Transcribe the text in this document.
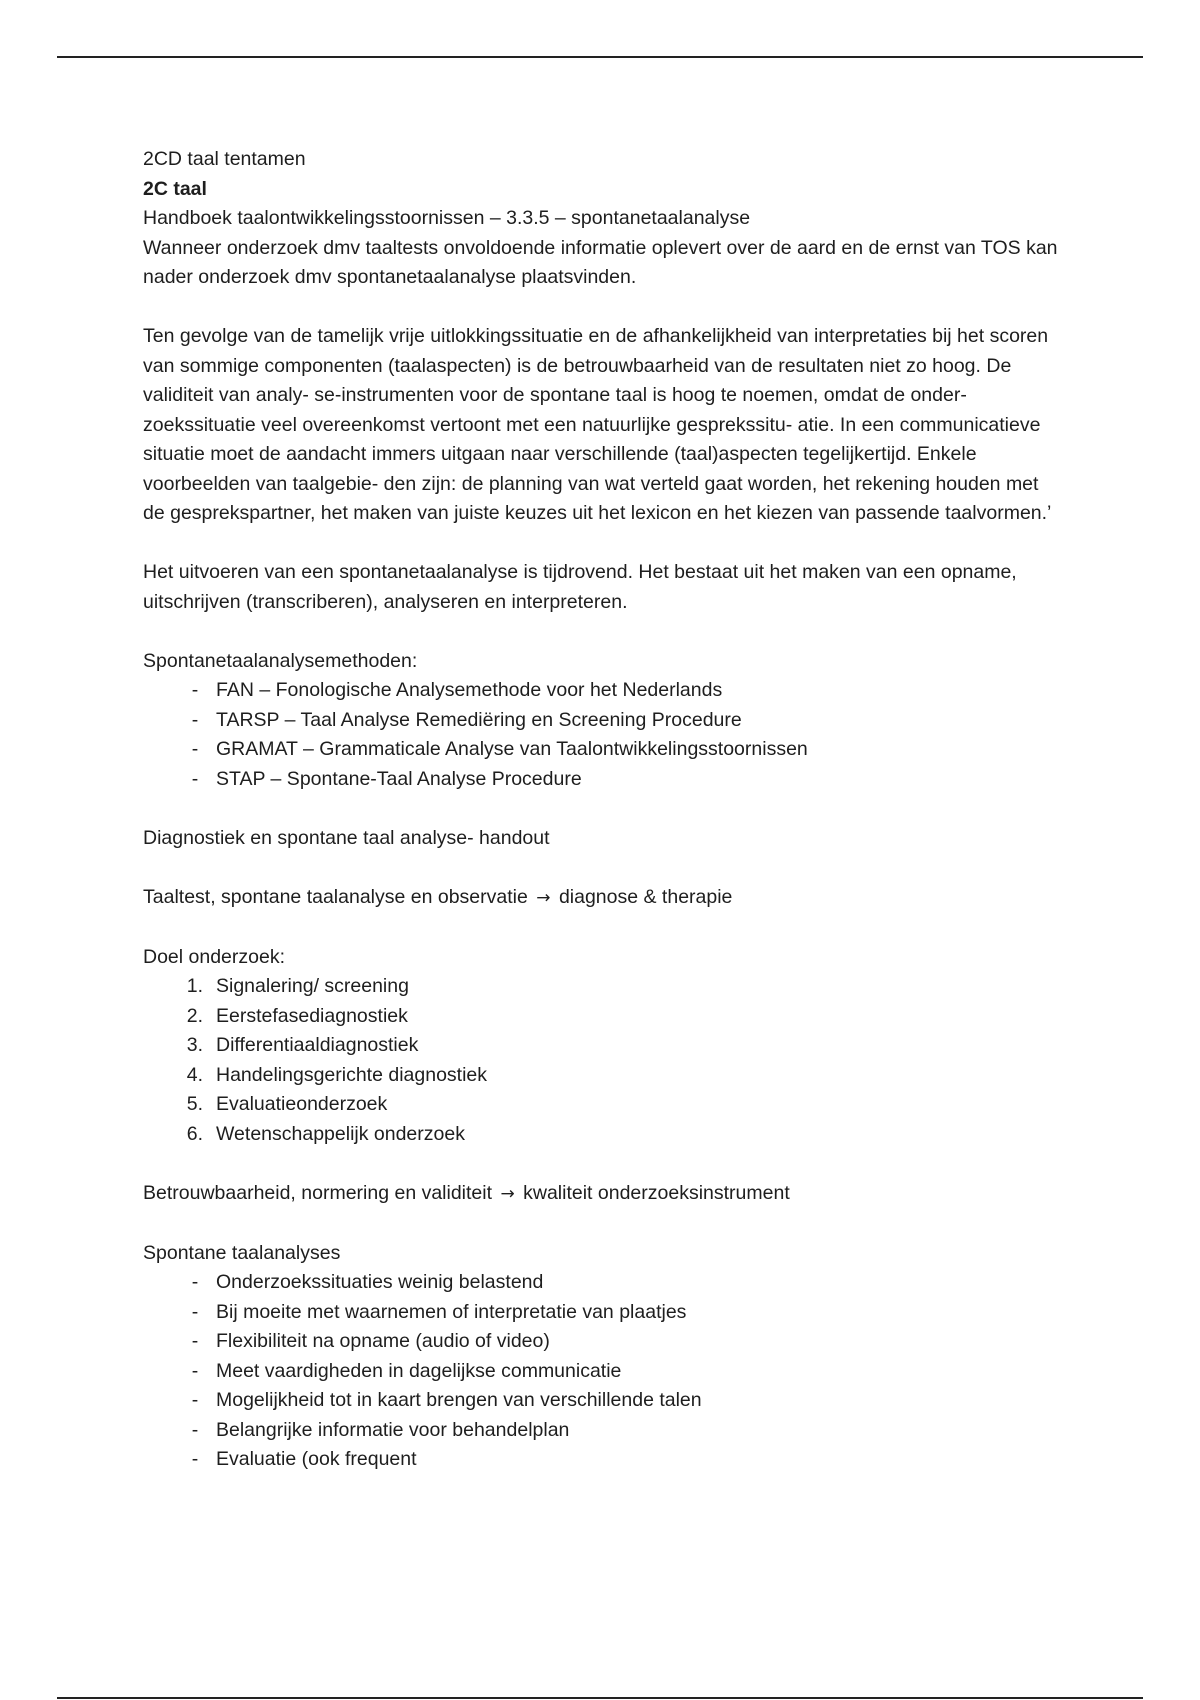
2CD taal tentamen
2C taal
Handboek taalontwikkelingsstoornissen – 3.3.5 – spontanetaalanalyse

Wanneer onderzoek dmv taaltests onvoldoende informatie oplevert over de aard en de ernst van TOS kan nader onderzoek dmv spontanetaalanalyse plaatsvinden.

Ten gevolge van de tamelijk vrije uitlokkingssituatie en de afhankelijkheid van interpretaties bij het scoren van sommige componenten (taalaspecten) is de betrouwbaarheid van de resultaten niet zo hoog. De validiteit van analy- se-instrumenten voor de spontane taal is hoog te noemen, omdat de onder- zoekssituatie veel overeenkomst vertoont met een natuurlijke gesprekssitu- atie. In een communicatieve situatie moet de aandacht immers uitgaan naar verschillende (taal)aspecten tegelijkertijd. Enkele voorbeelden van taalgebie- den zijn: de planning van wat verteld gaat worden, het rekening houden met de gesprekspartner, het maken van juiste keuzes uit het lexicon en het kiezen van passende taalvormen.’

Het uitvoeren van een spontanetaalanalyse is tijdrovend. Het bestaat uit het maken van een opname, uitschrijven (transcriberen), analyseren en interpreteren.

Spontanetaalanalysemethoden:
- FAN – Fonologische Analysemethode voor het Nederlands
- TARSP – Taal Analyse Remediëring en Screening Procedure
- GRAMAT – Grammaticale Analyse van Taalontwikkelingsstoornissen
- STAP – Spontane-Taal Analyse Procedure
Diagnostiek en spontane taal analyse- handout
Taaltest, spontane taalanalyse en observatie → diagnose & therapie
Doel onderzoek:
1. Signalering/ screening
2. Eerstefasediagnostiek
3. Differentiaaldiagnostiek
4. Handelingsgerichte diagnostiek
5. Evaluatieonderzoek
6. Wetenschappelijk onderzoek
Betrouwbaarheid, normering en validiteit → kwaliteit onderzoeksinstrument
Spontane taalanalyses
- Onderzoekssituaties weinig belastend
- Bij moeite met waarnemen of interpretatie van plaatjes
- Flexibiliteit na opname (audio of video)
- Meet vaardigheden in dagelijkse communicatie
- Mogelijkheid tot in kaart brengen van verschillende talen
- Belangrijke informatie voor behandelplan
- Evaluatie (ook frequent
